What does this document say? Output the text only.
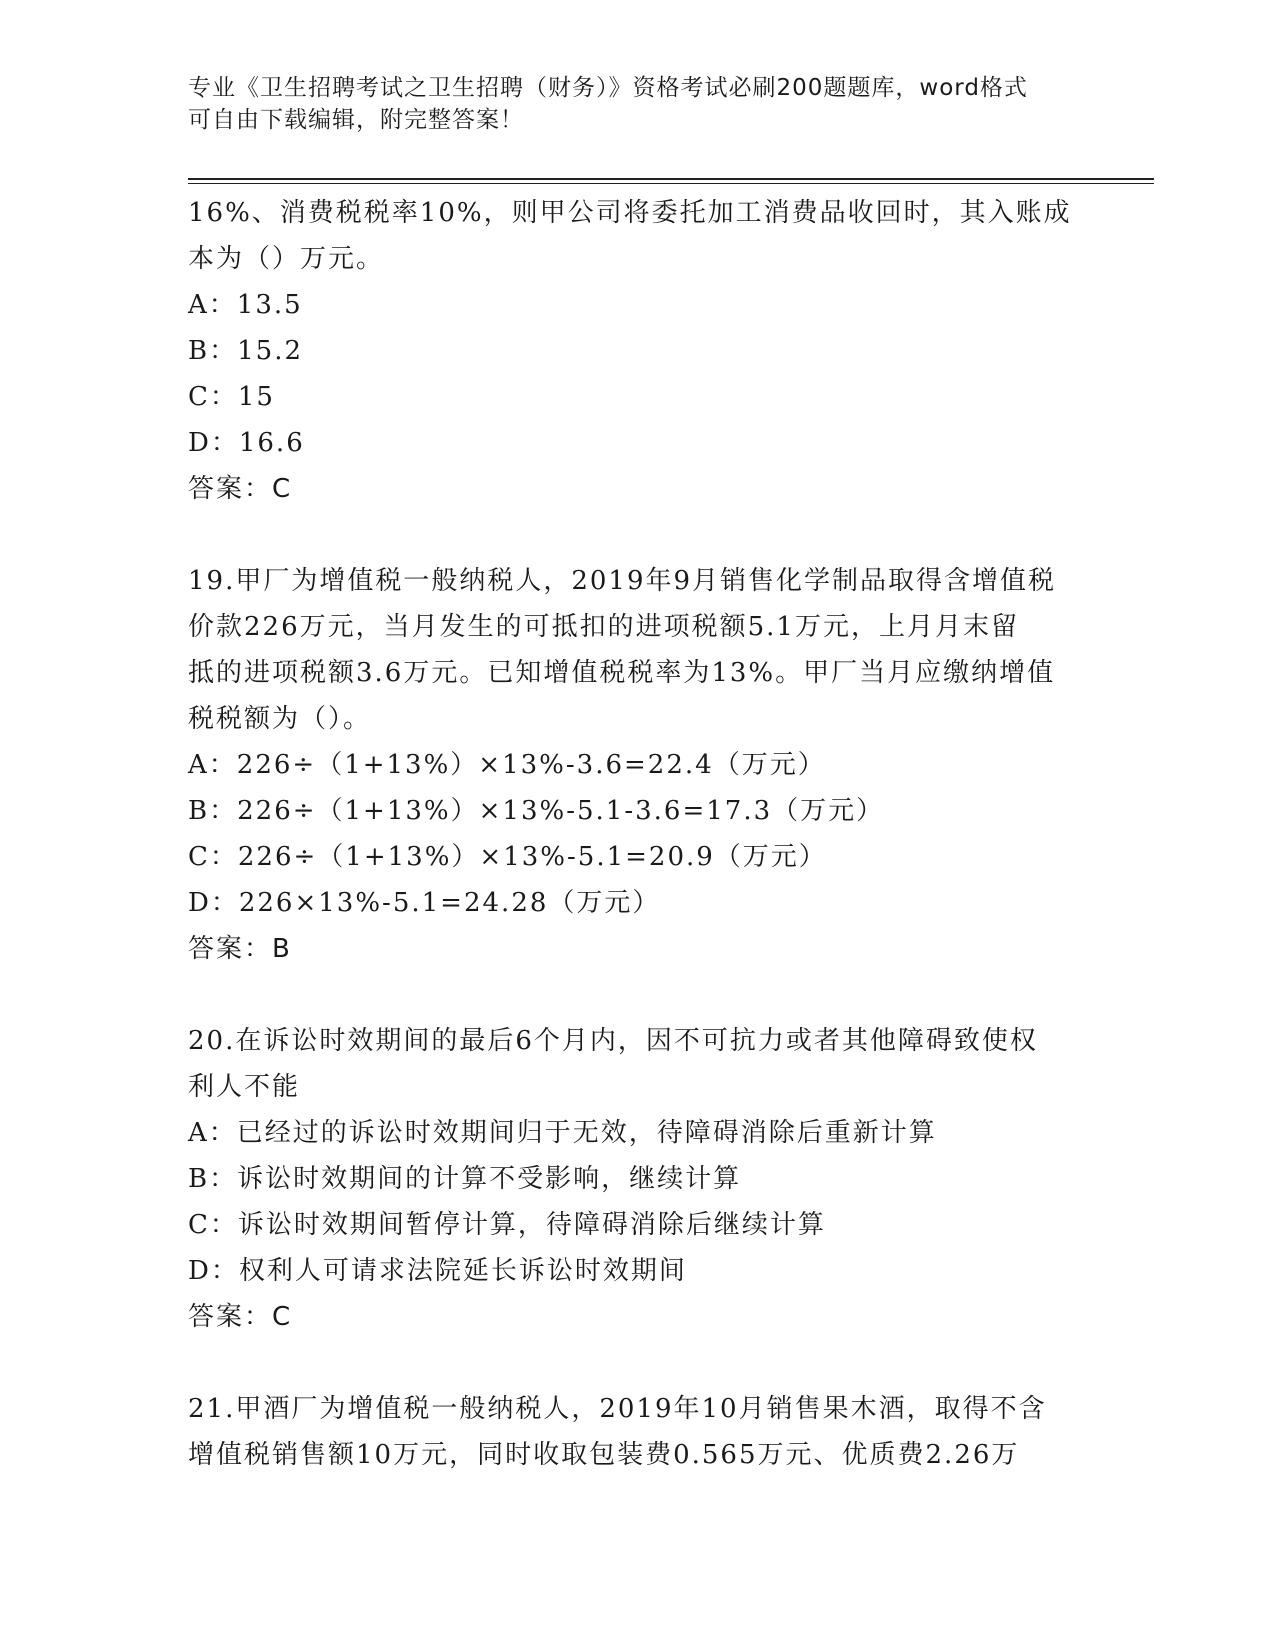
专业《卫生招聘考试之卫生招聘（财务）》资格考试必刷200题题库，word格式
可自由下载编辑，附完整答案！

16%、消费税税率10%，则甲公司将委托加工消费品收回时，其入账成

本为（）万元。

A：13.5

B：15.2

C：15

D：16.6

答案：C

19.甲厂为增值税一般纳税人，2019年9月销售化学制品取得含增值税

价款226万元，当月发生的可抵扣的进项税额5.1万元，上月月末留

抵的进项税额3.6万元。已知增值税税率为13%。甲厂当月应缴纳增值

税税额为（）。

A：226÷（1+13%）×13%-3.6=22.4（万元）

B：226÷（1+13%）×13%-5.1-3.6=17.3（万元）

C：226÷（1+13%）×13%-5.1=20.9（万元）

D：226×13%-5.1=24.28（万元）

答案：B

20.在诉讼时效期间的最后6个月内，因不可抗力或者其他障碍致使权

利人不能

A：已经过的诉讼时效期间归于无效，待障碍消除后重新计算

B：诉讼时效期间的计算不受影响，继续计算

C：诉讼时效期间暂停计算，待障碍消除后继续计算

D：权利人可请求法院延长诉讼时效期间

答案：C

21.甲酒厂为增值税一般纳税人，2019年10月销售果木酒，取得不含

增值税销售额10万元，同时收取包装费0.565万元、优质费2.26万
